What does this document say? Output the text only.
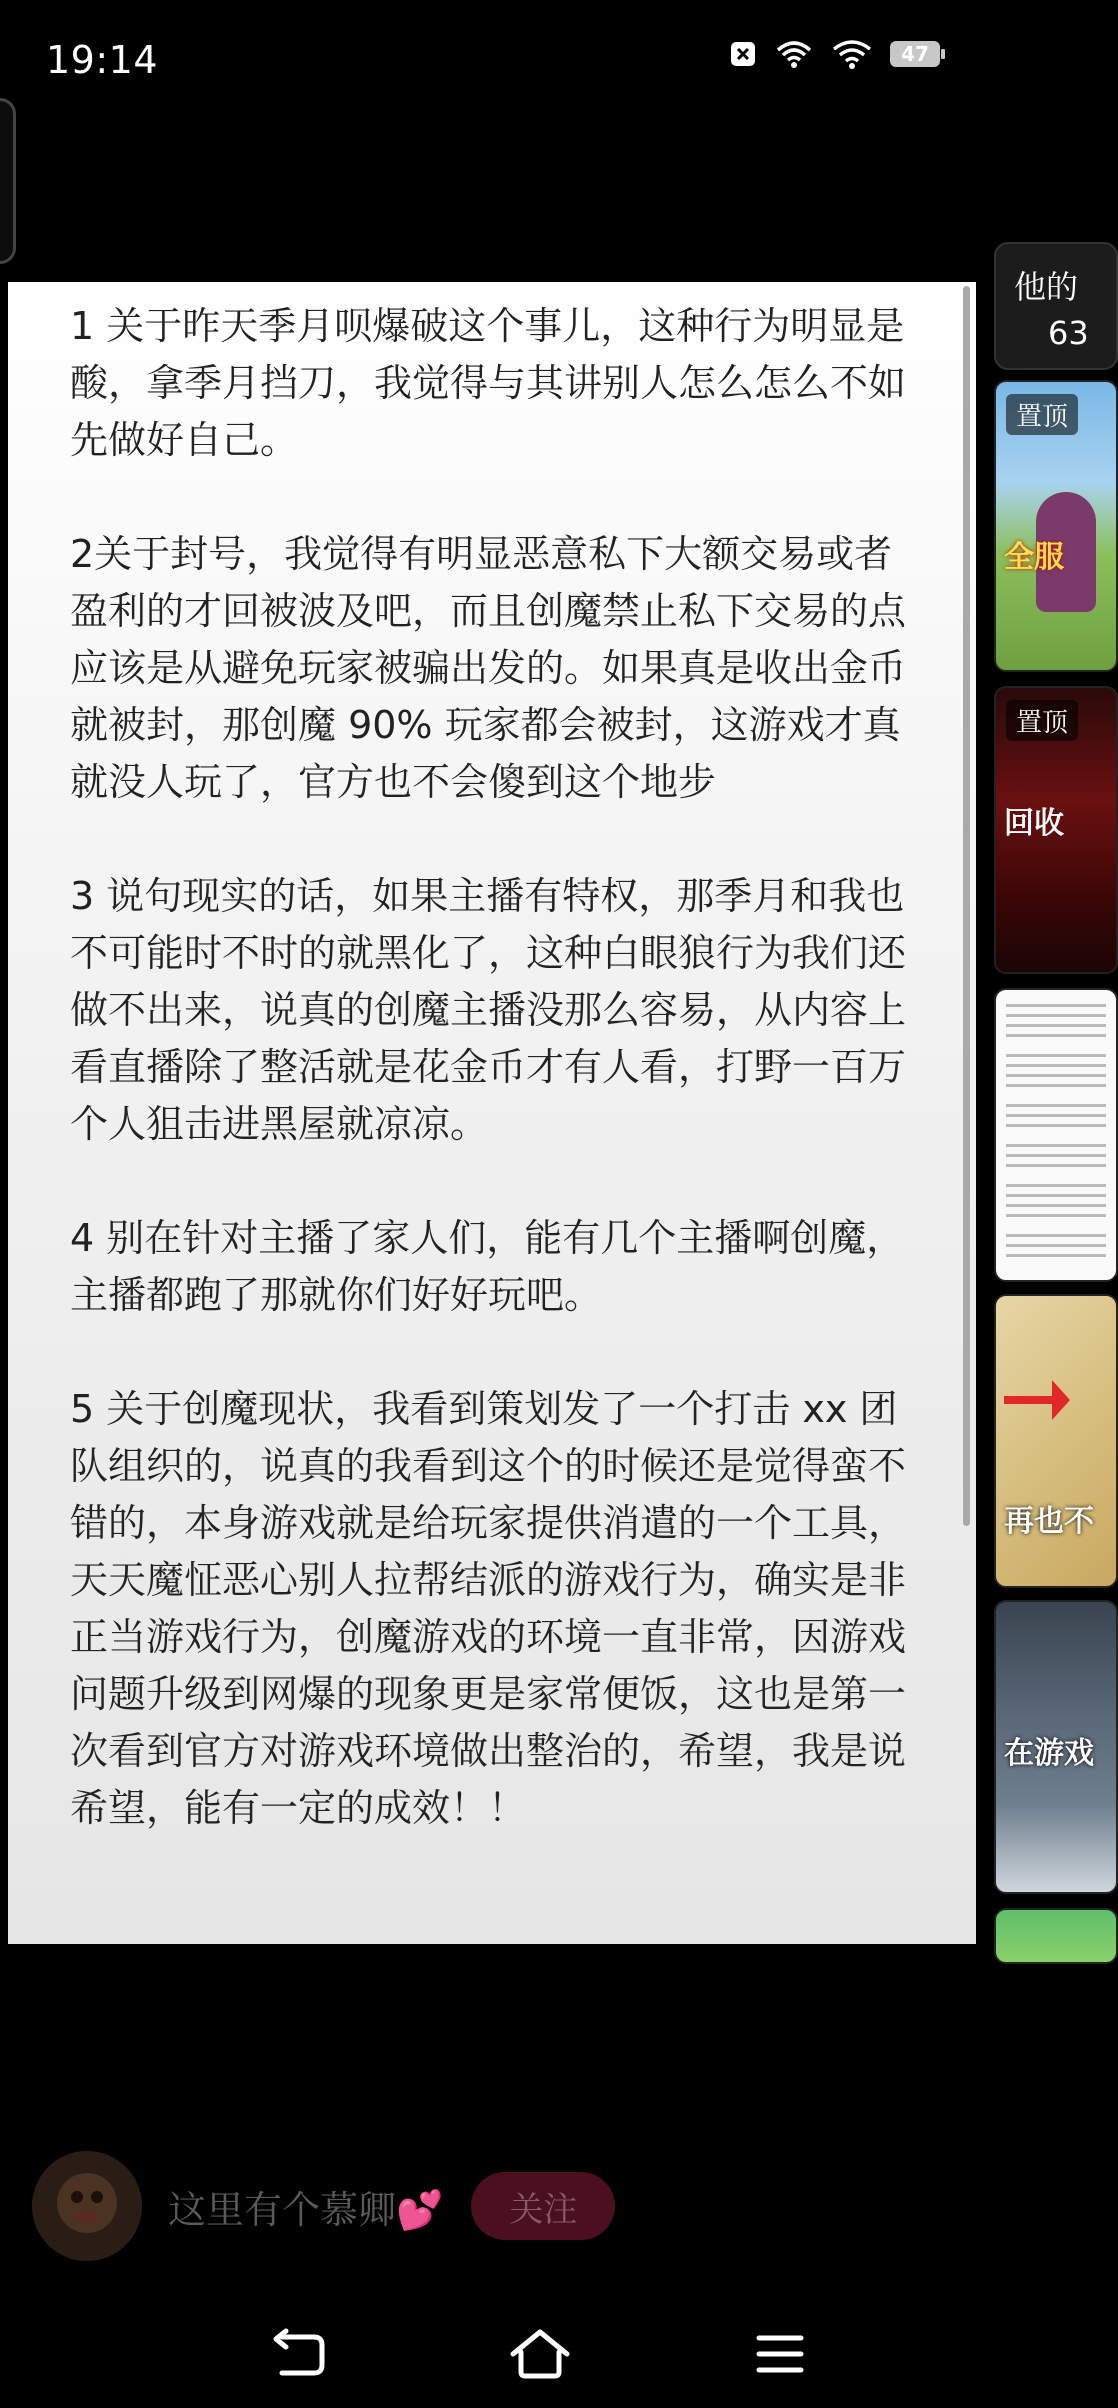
19:14	47

1 关于昨天季月呗爆破这个事儿，这种行为明显是酸，拿季月挡刀，我觉得与其讲别人怎么怎么不如先做好自己。

2关于封号，我觉得有明显恶意私下大额交易或者盈利的才回被波及吧，而且创魔禁止私下交易的点应该是从避免玩家被骗出发的。如果真是收出金币就被封，那创魔 90% 玩家都会被封，这游戏才真就没人玩了，官方也不会傻到这个地步

3 说句现实的话，如果主播有特权，那季月和我也不可能时不时的就黑化了，这种白眼狼行为我们还做不出来，说真的创魔主播没那么容易，从内容上看直播除了整活就是花金币才有人看，打野一百万个人狙击进黑屋就凉凉。

4 别在针对主播了家人们，能有几个主播啊创魔，主播都跑了那就你们好好玩吧。

5 关于创魔现状，我看到策划发了一个打击 xx 团队组织的，说真的我看到这个的时候还是觉得蛮不错的，本身游戏就是给玩家提供消遣的一个工具，天天魔怔恶心别人拉帮结派的游戏行为，确实是非正当游戏行为，创魔游戏的环境一直非常，因游戏问题升级到网爆的现象更是家常便饭，这也是第一次看到官方对游戏环境做出整治的，希望，我是说希望，能有一定的成效！！

他的
63
置顶
全服
置顶
回收
再也不
在游戏
这里有个慕卿💕	关注
